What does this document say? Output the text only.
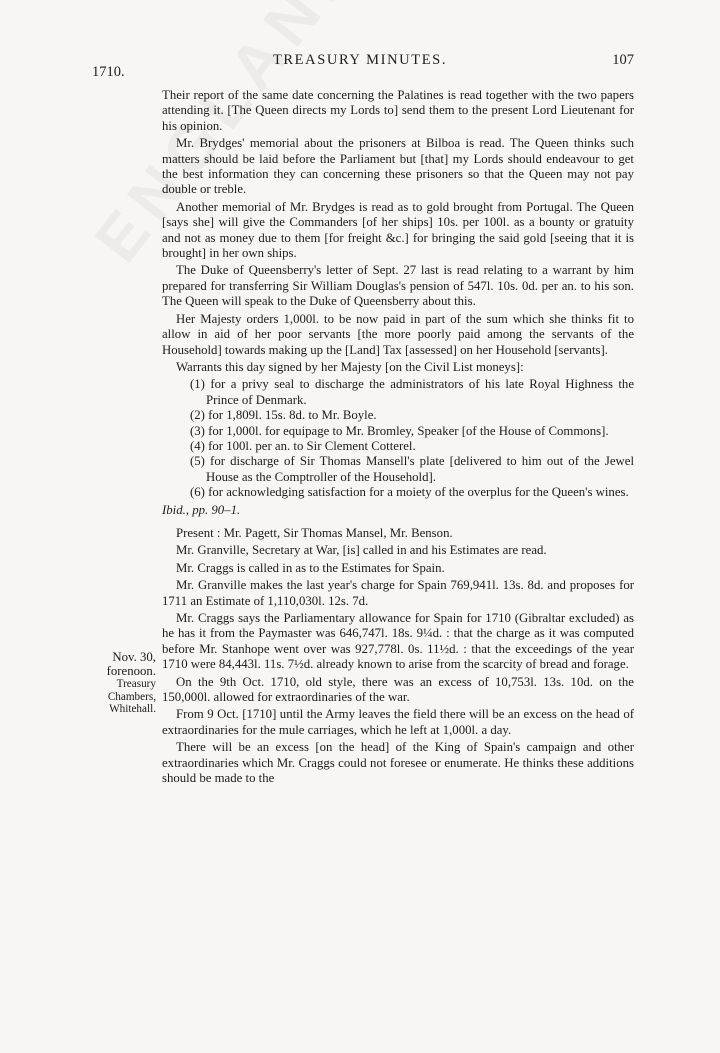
1710.
TREASURY MINUTES.	107
Nov. 30,
forenoon.
Treasury
Chambers,
Whitehall.

Their report of the same date concerning the Palatines is read together with the two papers attending it. [The Queen directs my Lords to] send them to the present Lord Lieutenant for his opinion.

Mr. Brydges' memorial about the prisoners at Bilboa is read. The Queen thinks such matters should be laid before the Parliament but [that] my Lords should endeavour to get the best information they can concerning these prisoners so that the Queen may not pay double or treble.

Another memorial of Mr. Brydges is read as to gold brought from Portugal. The Queen [says she] will give the Commanders [of her ships] 10s. per 100l. as a bounty or gratuity and not as money due to them [for freight &c.] for bringing the said gold [seeing that it is brought] in her own ships.

The Duke of Queensberry's letter of Sept. 27 last is read relating to a warrant by him prepared for transferring Sir William Douglas's pension of 547l. 10s. 0d. per an. to his son. The Queen will speak to the Duke of Queensberry about this.

Her Majesty orders 1,000l. to be now paid in part of the sum which she thinks fit to allow in aid of her poor servants [the more poorly paid among the servants of the Household] towards making up the [Land] Tax [assessed] on her Household [servants].

Warrants this day signed by her Majesty [on the Civil List moneys]:

(1) for a privy seal to discharge the administrators of his late Royal Highness the Prince of Denmark.
(2) for 1,809l. 15s. 8d. to Mr. Boyle.
(3) for 1,000l. for equipage to Mr. Bromley, Speaker [of the House of Commons].
(4) for 100l. per an. to Sir Clement Cotterel.
(5) for discharge of Sir Thomas Mansell's plate [delivered to him out of the Jewel House as the Comptroller of the Household].
(6) for acknowledging satisfaction for a moiety of the overplus for the Queen's wines.

Ibid., pp. 90–1.

Present : Mr. Pagett, Sir Thomas Mansel, Mr. Benson.

Mr. Granville, Secretary at War, [is] called in and his Estimates are read.

Mr. Craggs is called in as to the Estimates for Spain.

Mr. Granville makes the last year's charge for Spain 769,941l. 13s. 8d. and proposes for 1711 an Estimate of 1,110,030l. 12s. 7d.

Mr. Craggs says the Parliamentary allowance for Spain for 1710 (Gibraltar excluded) as he has it from the Paymaster was 646,747l. 18s. 9¼d. : that the charge as it was computed before Mr. Stanhope went over was 927,778l. 0s. 11½d. : that the exceedings of the year 1710 were 84,443l. 11s. 7½d. already known to arise from the scarcity of bread and forage.

On the 9th Oct. 1710, old style, there was an excess of 10,753l. 13s. 10d. on the 150,000l. allowed for extraordinaries of the war.

From 9 Oct. [1710] until the Army leaves the field there will be an excess on the head of extraordinaries for the mule carriages, which he left at 1,000l. a day.

There will be an excess [on the head] of the King of Spain's campaign and other extraordinaries which Mr. Craggs could not foresee or enumerate. He thinks these additions should be made to the
